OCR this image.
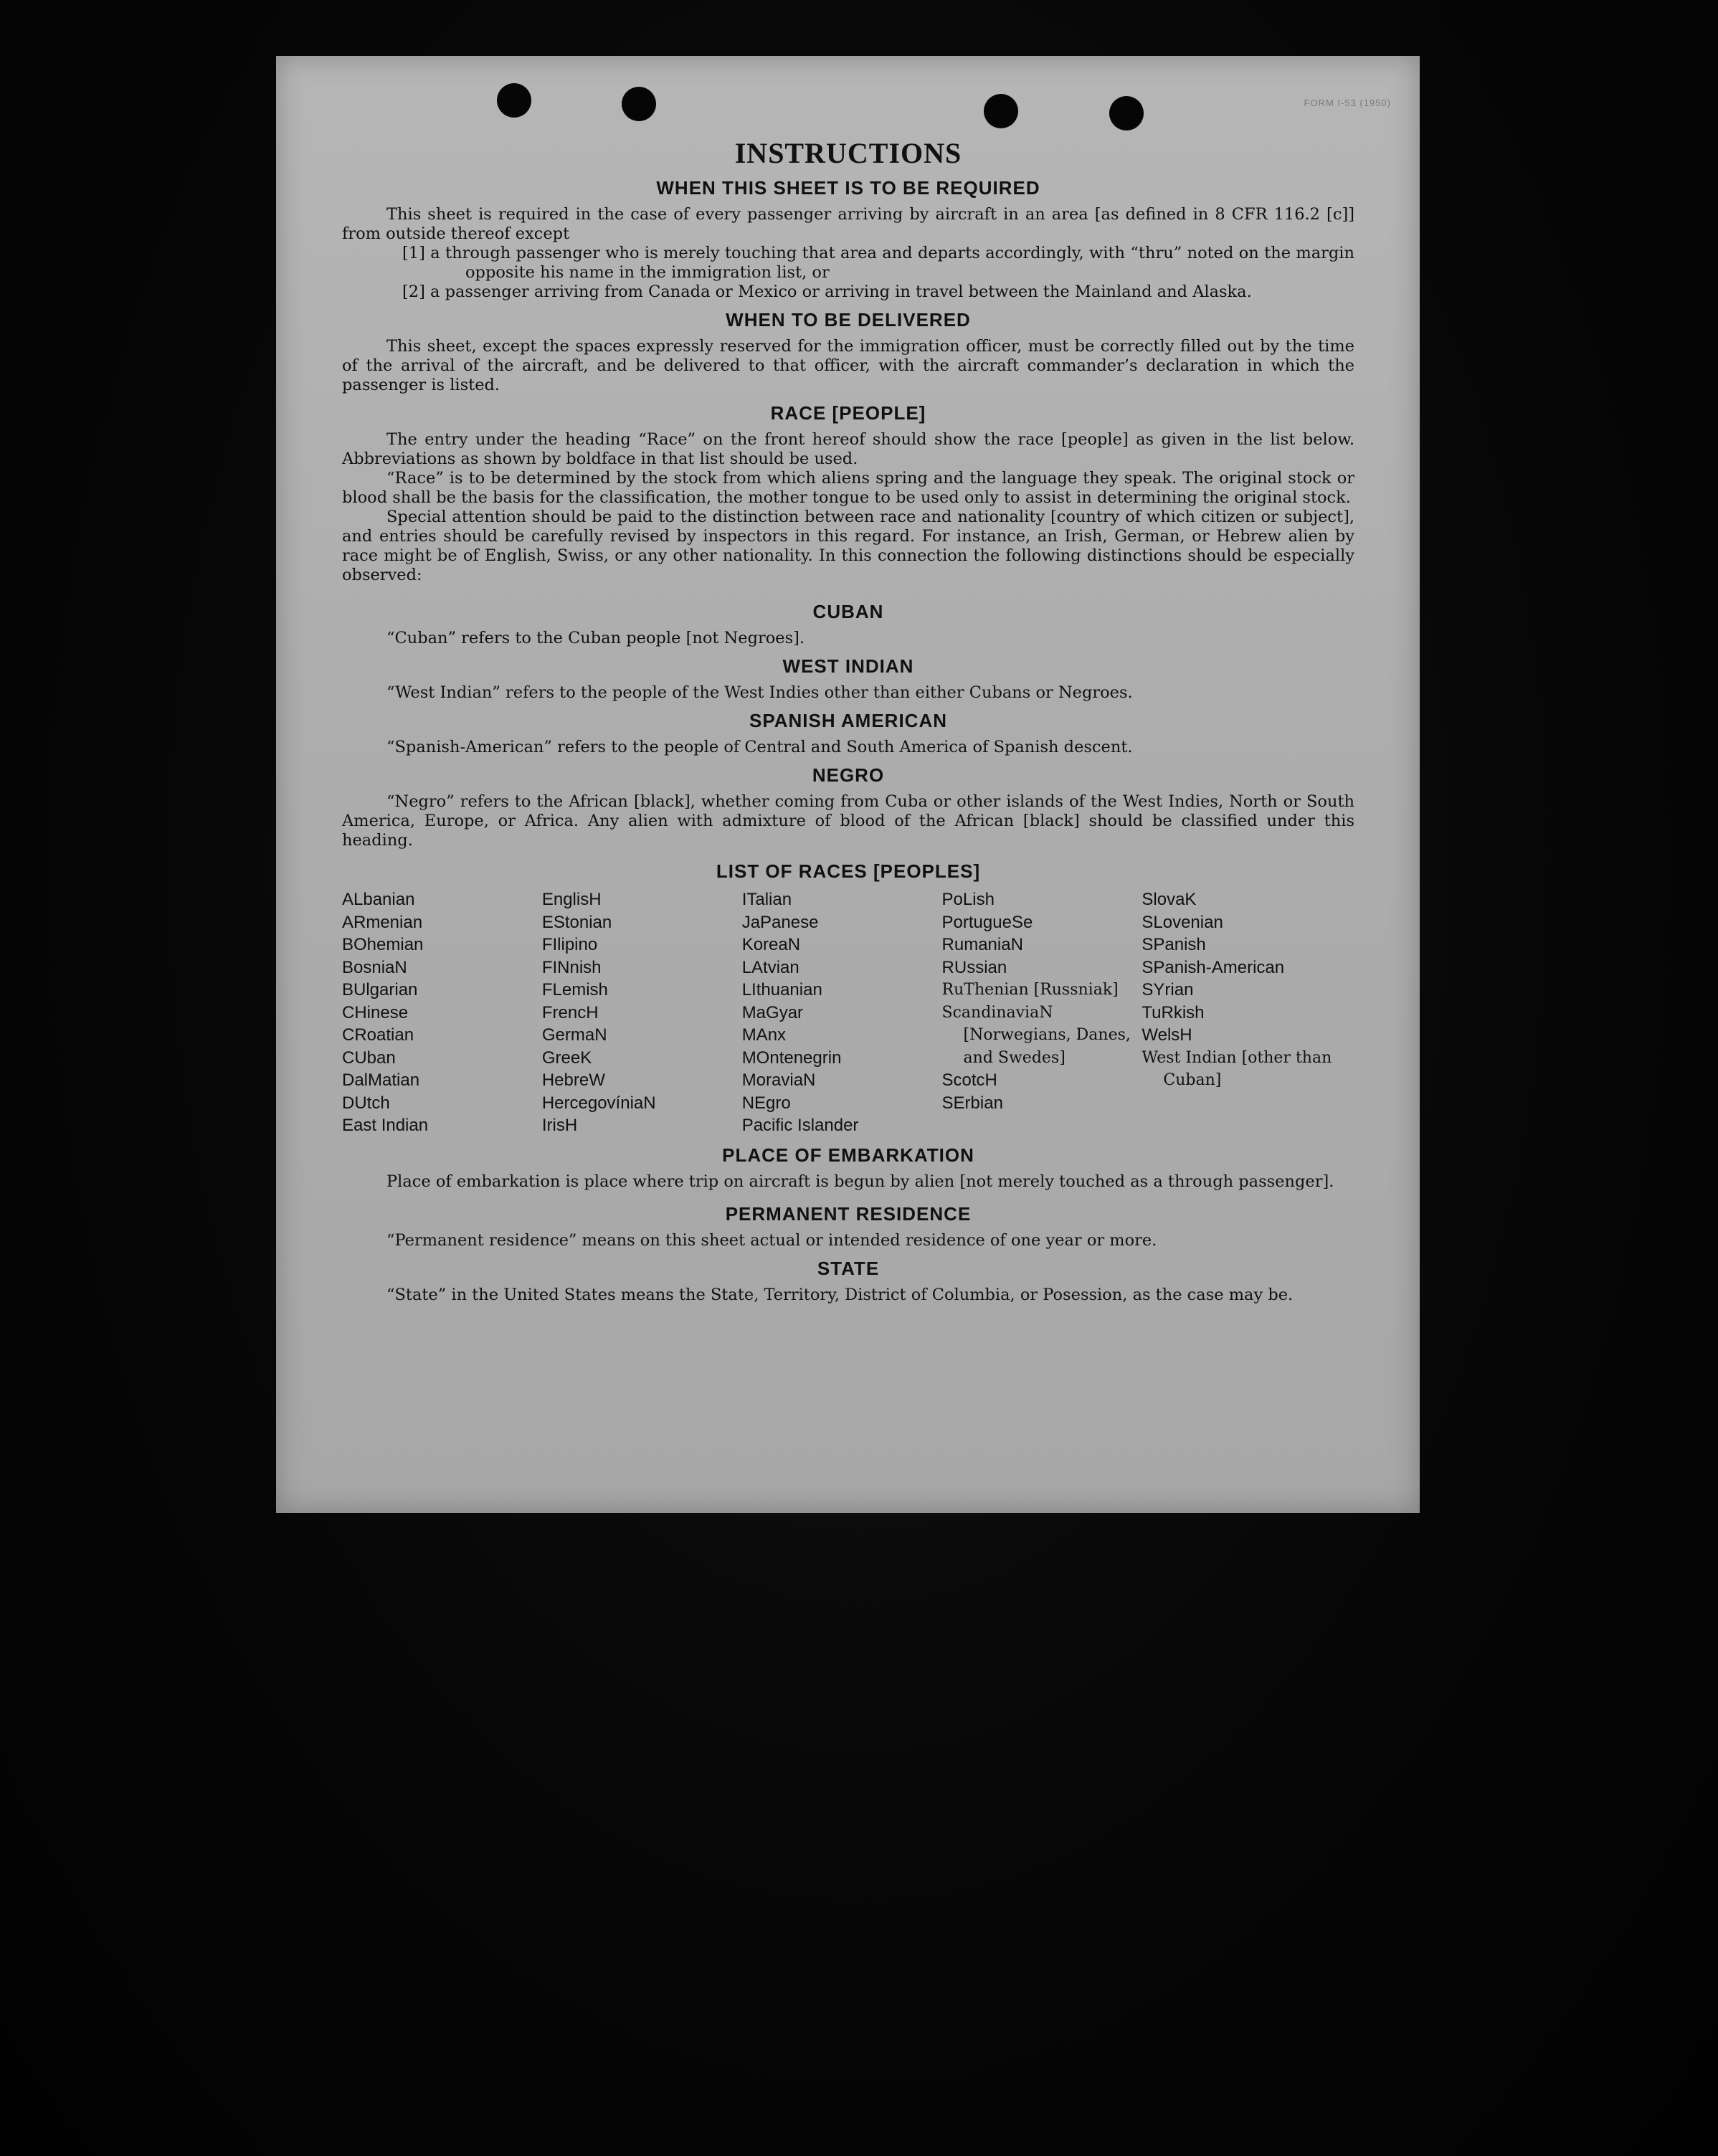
FORM I-53 (1950)
INSTRUCTIONS
WHEN THIS SHEET IS TO BE REQUIRED

This sheet is required in the case of every passenger arriving by aircraft in an area [as defined in 8 CFR 116.2 [c]] from outside thereof except

[1] a through passenger who is merely touching that area and departs accordingly, with “thru” noted on the margin opposite his name in the immigration list, or

[2] a passenger arriving from Canada or Mexico or arriving in travel between the Mainland and Alaska.

WHEN TO BE DELIVERED

This sheet, except the spaces expressly reserved for the immigration officer, must be correctly filled out by the time of the arrival of the aircraft, and be delivered to that officer, with the aircraft commander’s declaration in which the passenger is listed.

RACE [PEOPLE]

The entry under the heading “Race” on the front hereof should show the race [people] as given in the list below. Abbreviations as shown by boldface in that list should be used.

“Race” is to be determined by the stock from which aliens spring and the language they speak. The original stock or blood shall be the basis for the classification, the mother tongue to be used only to assist in determining the original stock.

Special attention should be paid to the distinction between race and nationality [country of which citizen or subject], and entries should be carefully revised by inspectors in this regard. For instance, an Irish, German, or Hebrew alien by race might be of English, Swiss, or any other nationality. In this connection the following distinctions should be especially observed:

CUBAN

“Cuban” refers to the Cuban people [not Negroes].

WEST INDIAN

“West Indian” refers to the people of the West Indies other than either Cubans or Negroes.

SPANISH AMERICAN

“Spanish-American” refers to the people of Central and South America of Spanish descent.

NEGRO

“Negro” refers to the African [black], whether coming from Cuba or other islands of the West Indies, North or South America, Europe, or Africa. Any alien with admixture of blood of the African [black] should be classified under this heading.

LIST OF RACES [PEOPLES]
ALbanian
ARmenian
BOhemian
BosniaN
BUlgarian
CHinese
CRoatian
CUban
DalMatian
DUtch
East Indian
EnglisH
EStonian
FIlipino
FINnish
FLemish
FrencH
GermaN
GreeK
HebreW
HercegovíniaN
IrisH
ITalian
JaPanese
KoreaN
LAtvian
LIthuanian
MaGyar
MAnx
MOntenegrin
MoraviaN
NEgro
Pacific Islander
PoLish
PortugueSe
RumaniaN
RUssian
RuThenian [Russniak]
ScandinaviaN [Norwegians, Danes, and Swedes]
ScotcH
SErbian
SlovaK
SLovenian
SPanish
SPanish-American
SYrian
TuRkish
WelsH
West Indian [other than Cuban]
PLACE OF EMBARKATION

Place of embarkation is place where trip on aircraft is begun by alien [not merely touched as a through passenger].

PERMANENT RESIDENCE

“Permanent residence” means on this sheet actual or intended residence of one year or more.

STATE

“State” in the United States means the State, Territory, District of Columbia, or Posession, as the case may be.
